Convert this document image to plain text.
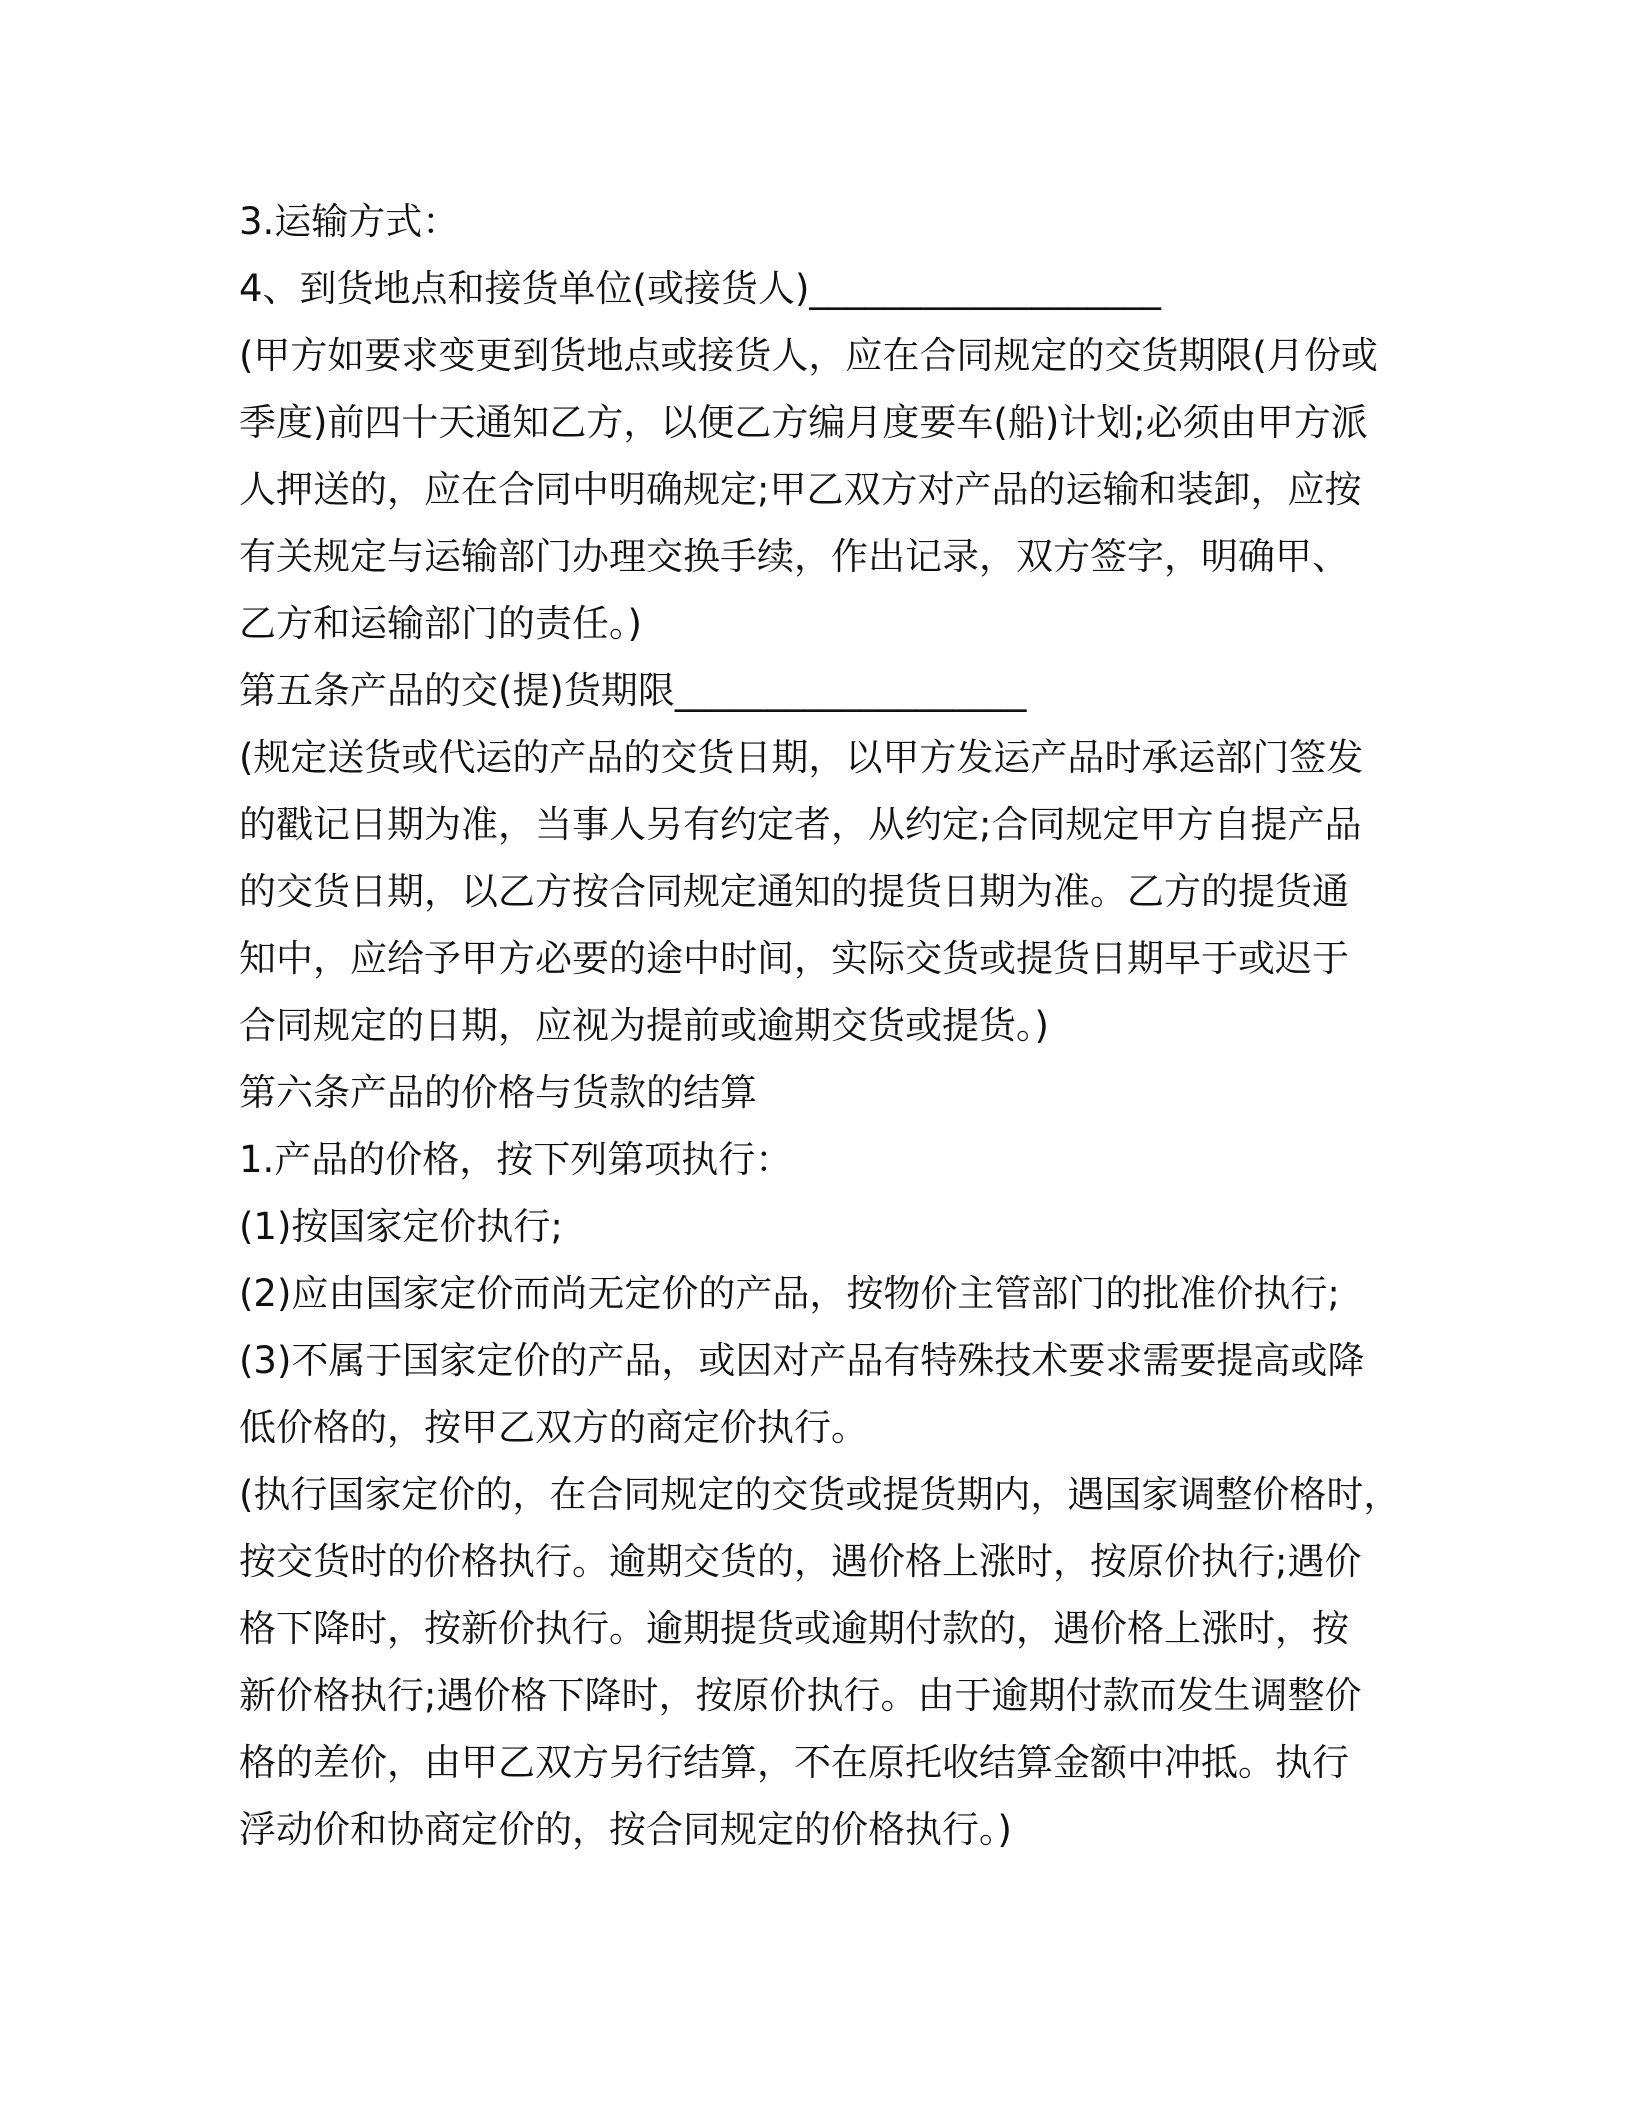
3.运输方式：
4、到货地点和接货单位(或接货人)___________________
(甲方如要求变更到货地点或接货人，应在合同规定的交货期限(月份或
季度)前四十天通知乙方，以便乙方编月度要车(船)计划;必须由甲方派
人押送的，应在合同中明确规定;甲乙双方对产品的运输和装卸，应按
有关规定与运输部门办理交换手续，作出记录，双方签字，明确甲、
乙方和运输部门的责任。)
第五条产品的交(提)货期限___________________
(规定送货或代运的产品的交货日期，以甲方发运产品时承运部门签发
的戳记日期为准，当事人另有约定者，从约定;合同规定甲方自提产品
的交货日期，以乙方按合同规定通知的提货日期为准。乙方的提货通
知中，应给予甲方必要的途中时间，实际交货或提货日期早于或迟于
合同规定的日期，应视为提前或逾期交货或提货。)
第六条产品的价格与货款的结算
1.产品的价格，按下列第项执行：
(1)按国家定价执行;
(2)应由国家定价而尚无定价的产品，按物价主管部门的批准价执行;
(3)不属于国家定价的产品，或因对产品有特殊技术要求需要提高或降
低价格的，按甲乙双方的商定价执行。
(执行国家定价的，在合同规定的交货或提货期内，遇国家调整价格时，
按交货时的价格执行。逾期交货的，遇价格上涨时，按原价执行;遇价
格下降时，按新价执行。逾期提货或逾期付款的，遇价格上涨时，按
新价格执行;遇价格下降时，按原价执行。由于逾期付款而发生调整价
格的差价，由甲乙双方另行结算，不在原托收结算金额中冲抵。执行
浮动价和协商定价的，按合同规定的价格执行。)
